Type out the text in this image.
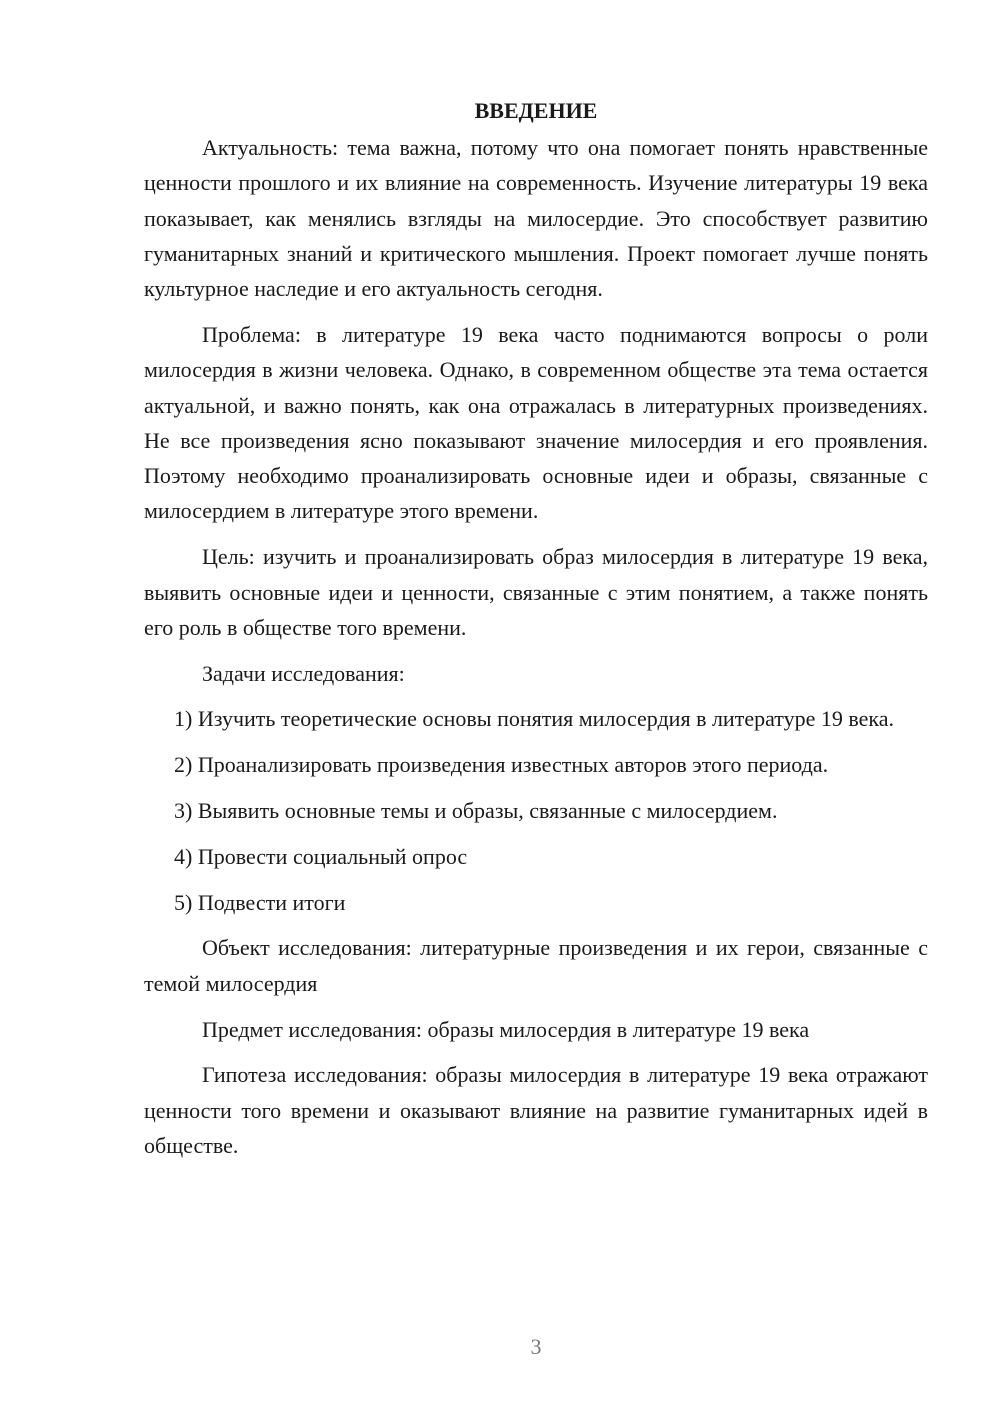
ВВЕДЕНИЕ

Актуальность: тема важна, потому что она помогает понять нравственные ценности прошлого и их влияние на современность. Изучение литературы 19 века показывает, как менялись взгляды на милосердие. Это способствует развитию гуманитарных знаний и критического мышления. Проект помогает лучше понять культурное наследие и его актуальность сегодня.

Проблема: в литературе 19 века часто поднимаются вопросы о роли милосердия в жизни человека. Однако, в современном обществе эта тема остается актуальной, и важно понять, как она отражалась в литературных произведениях. Не все произведения ясно показывают значение милосердия и его проявления. Поэтому необходимо проанализировать основные идеи и образы, связанные с милосердием в литературе этого времени.

Цель: изучить и проанализировать образ милосердия в литературе 19 века, выявить основные идеи и ценности, связанные с этим понятием, а также понять его роль в обществе того времени.

Задачи исследования:

1) Изучить теоретические основы понятия милосердия в литературе 19 века.

2) Проанализировать произведения известных авторов этого периода.

3) Выявить основные темы и образы, связанные с милосердием.

4) Провести социальный опрос

5) Подвести итоги

Объект исследования: литературные произведения и их герои, связанные с темой милосердия

Предмет исследования: образы милосердия в литературе 19 века

Гипотеза исследования: образы милосердия в литературе 19 века отражают ценности того времени и оказывают влияние на развитие гуманитарных идей в обществе.

3
